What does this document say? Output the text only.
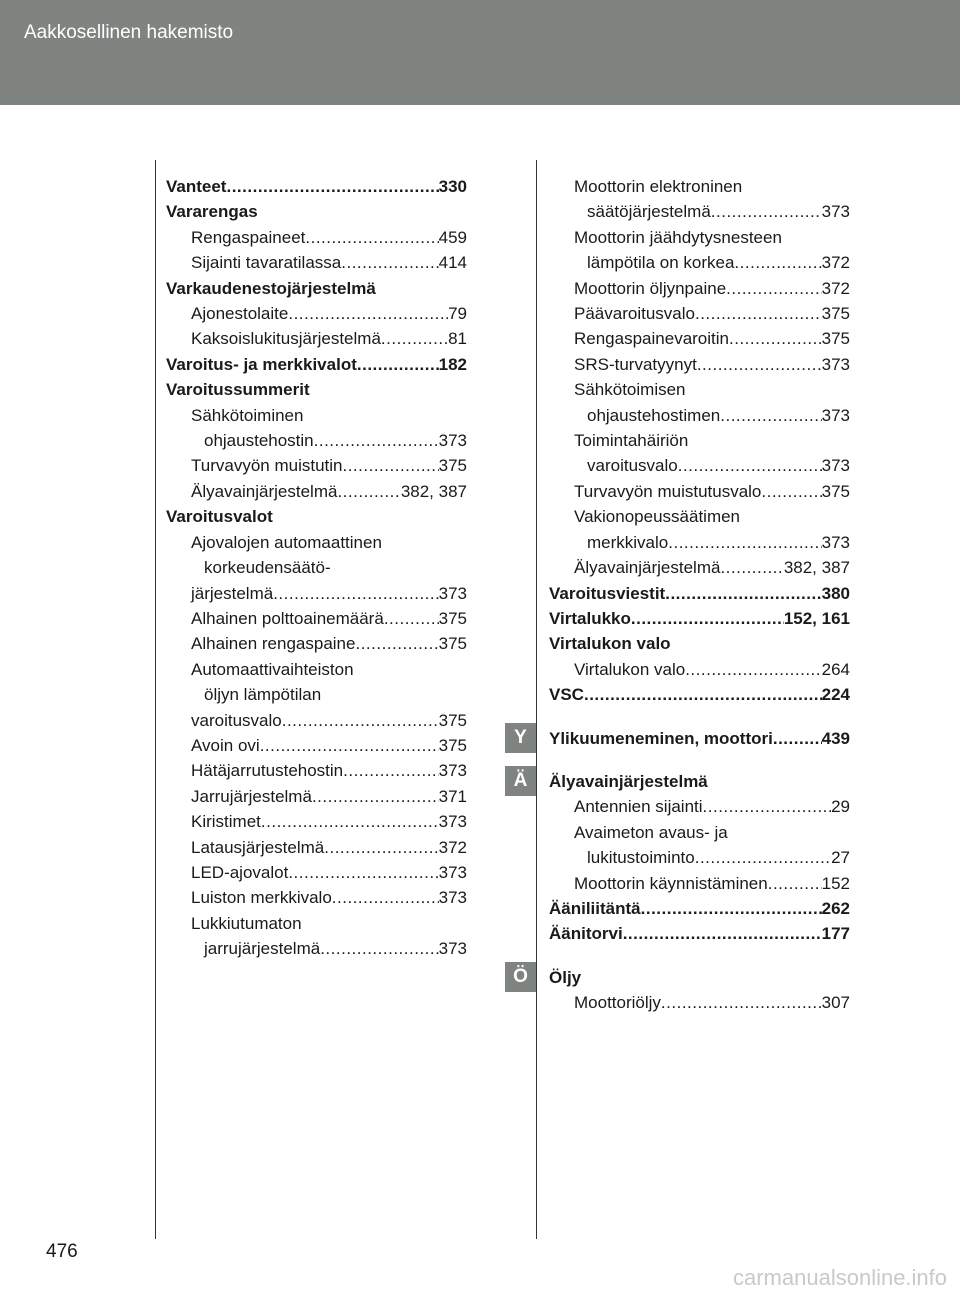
Aakkosellinen hakemisto
Vanteet .....	330
Vararengas
Rengaspaineet .....	459
Sijainti tavaratilassa .....	414
Varkaudenestojärjestelmä
Ajonestolaite .....	79
Kaksoislukitusjärjestelmä .....	81
Varoitus- ja merkkivalot .....	182
Varoitussummerit
Sähkötoiminen
ohjaustehostin .....	373
Turvavyön muistutin .....	375
Älyavainjärjestelmä .....	382, 387
Varoitusvalot
Ajovalojen automaattinen
korkeudensäätö-
järjestelmä .....	373
Alhainen polttoainemäärä .....	375
Alhainen rengaspaine .....	375
Automaattivaihteiston
öljyn lämpötilan
varoitusvalo .....	375
Avoin ovi .....	375
Hätäjarrutustehostin .....	373
Jarrujärjestelmä .....	371
Kiristimet .....	373
Latausjärjestelmä .....	372
LED-ajovalot .....	373
Luiston merkkivalo .....	373
Lukkiutumaton
jarrujärjestelmä .....	373
Moottorin elektroninen
säätöjärjestelmä .....	373
Moottorin jäähdytysnesteen
lämpötila on korkea .....	372
Moottorin öljynpaine .....	372
Päävaroitusvalo .....	375
Rengaspainevaroitin .....	375
SRS-turvatyynyt .....	373
Sähkötoimisen
ohjaustehostimen .....	373
Toimintahäiriön
varoitusvalo .....	373
Turvavyön muistutusvalo .....	375
Vakionopeussäätimen
merkkivalo .....	373
Älyavainjärjestelmä .....	382, 387
Varoitusviestit .....	380
Virtalukko .....	152, 161
Virtalukon valo
Virtalukon valo .....	264
VSC .....	224
Ylikuumeneminen, moottori .....	439
Älyavainjärjestelmä
Antennien sijainti .....	29
Avaimeton avaus- ja
lukitustoiminto .....	27
Moottorin käynnistäminen .....	152
Ääniliitäntä .....	262
Äänitorvi .....	177
Öljy
Moottoriöljy .....	307
476
carmanualsonline.info
Y
Ä
Ö
